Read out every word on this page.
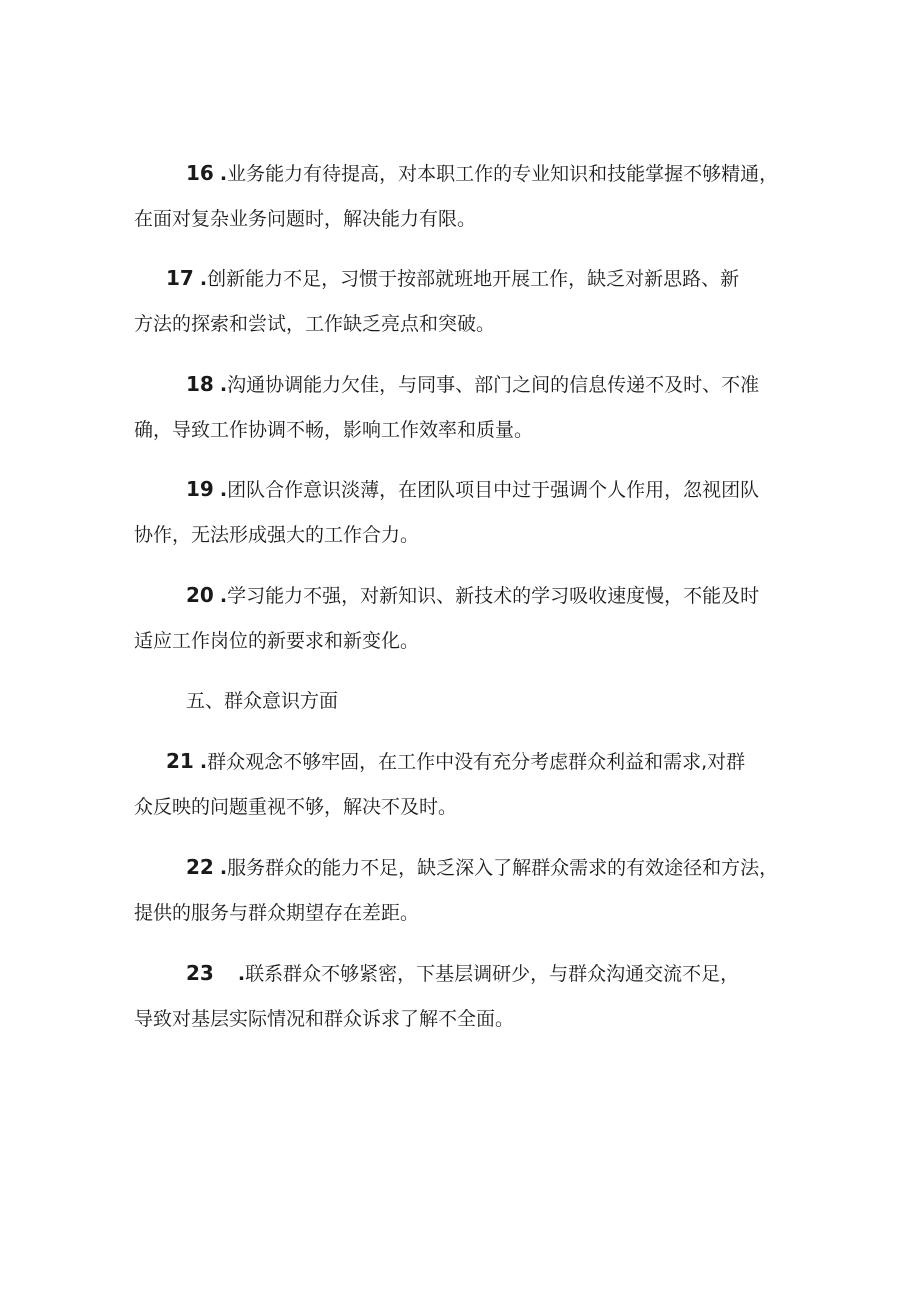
16 .业务能力有待提高，对本职工作的专业知识和技能掌握不够精通，
在面对复杂业务问题时，解决能力有限。
17 .创新能力不足，习惯于按部就班地开展工作，缺乏对新思路、新
方法的探索和尝试，工作缺乏亮点和突破。
18 .沟通协调能力欠佳，与同事、部门之间的信息传递不及时、不准
确，导致工作协调不畅，影响工作效率和质量。
19 .团队合作意识淡薄，在团队项目中过于强调个人作用，忽视团队
协作，无法形成强大的工作合力。
20 .学习能力不强，对新知识、新技术的学习吸收速度慢，不能及时
适应工作岗位的新要求和新变化。
五、群众意识方面
21 .群众观念不够牢固，在工作中没有充分考虑群众利益和需求,对群
众反映的问题重视不够，解决不及时。
22 .服务群众的能力不足，缺乏深入了解群众需求的有效途径和方法，
提供的服务与群众期望存在差距。
23 .联系群众不够紧密，下基层调研少，与群众沟通交流不足，
导致对基层实际情况和群众诉求了解不全面。
